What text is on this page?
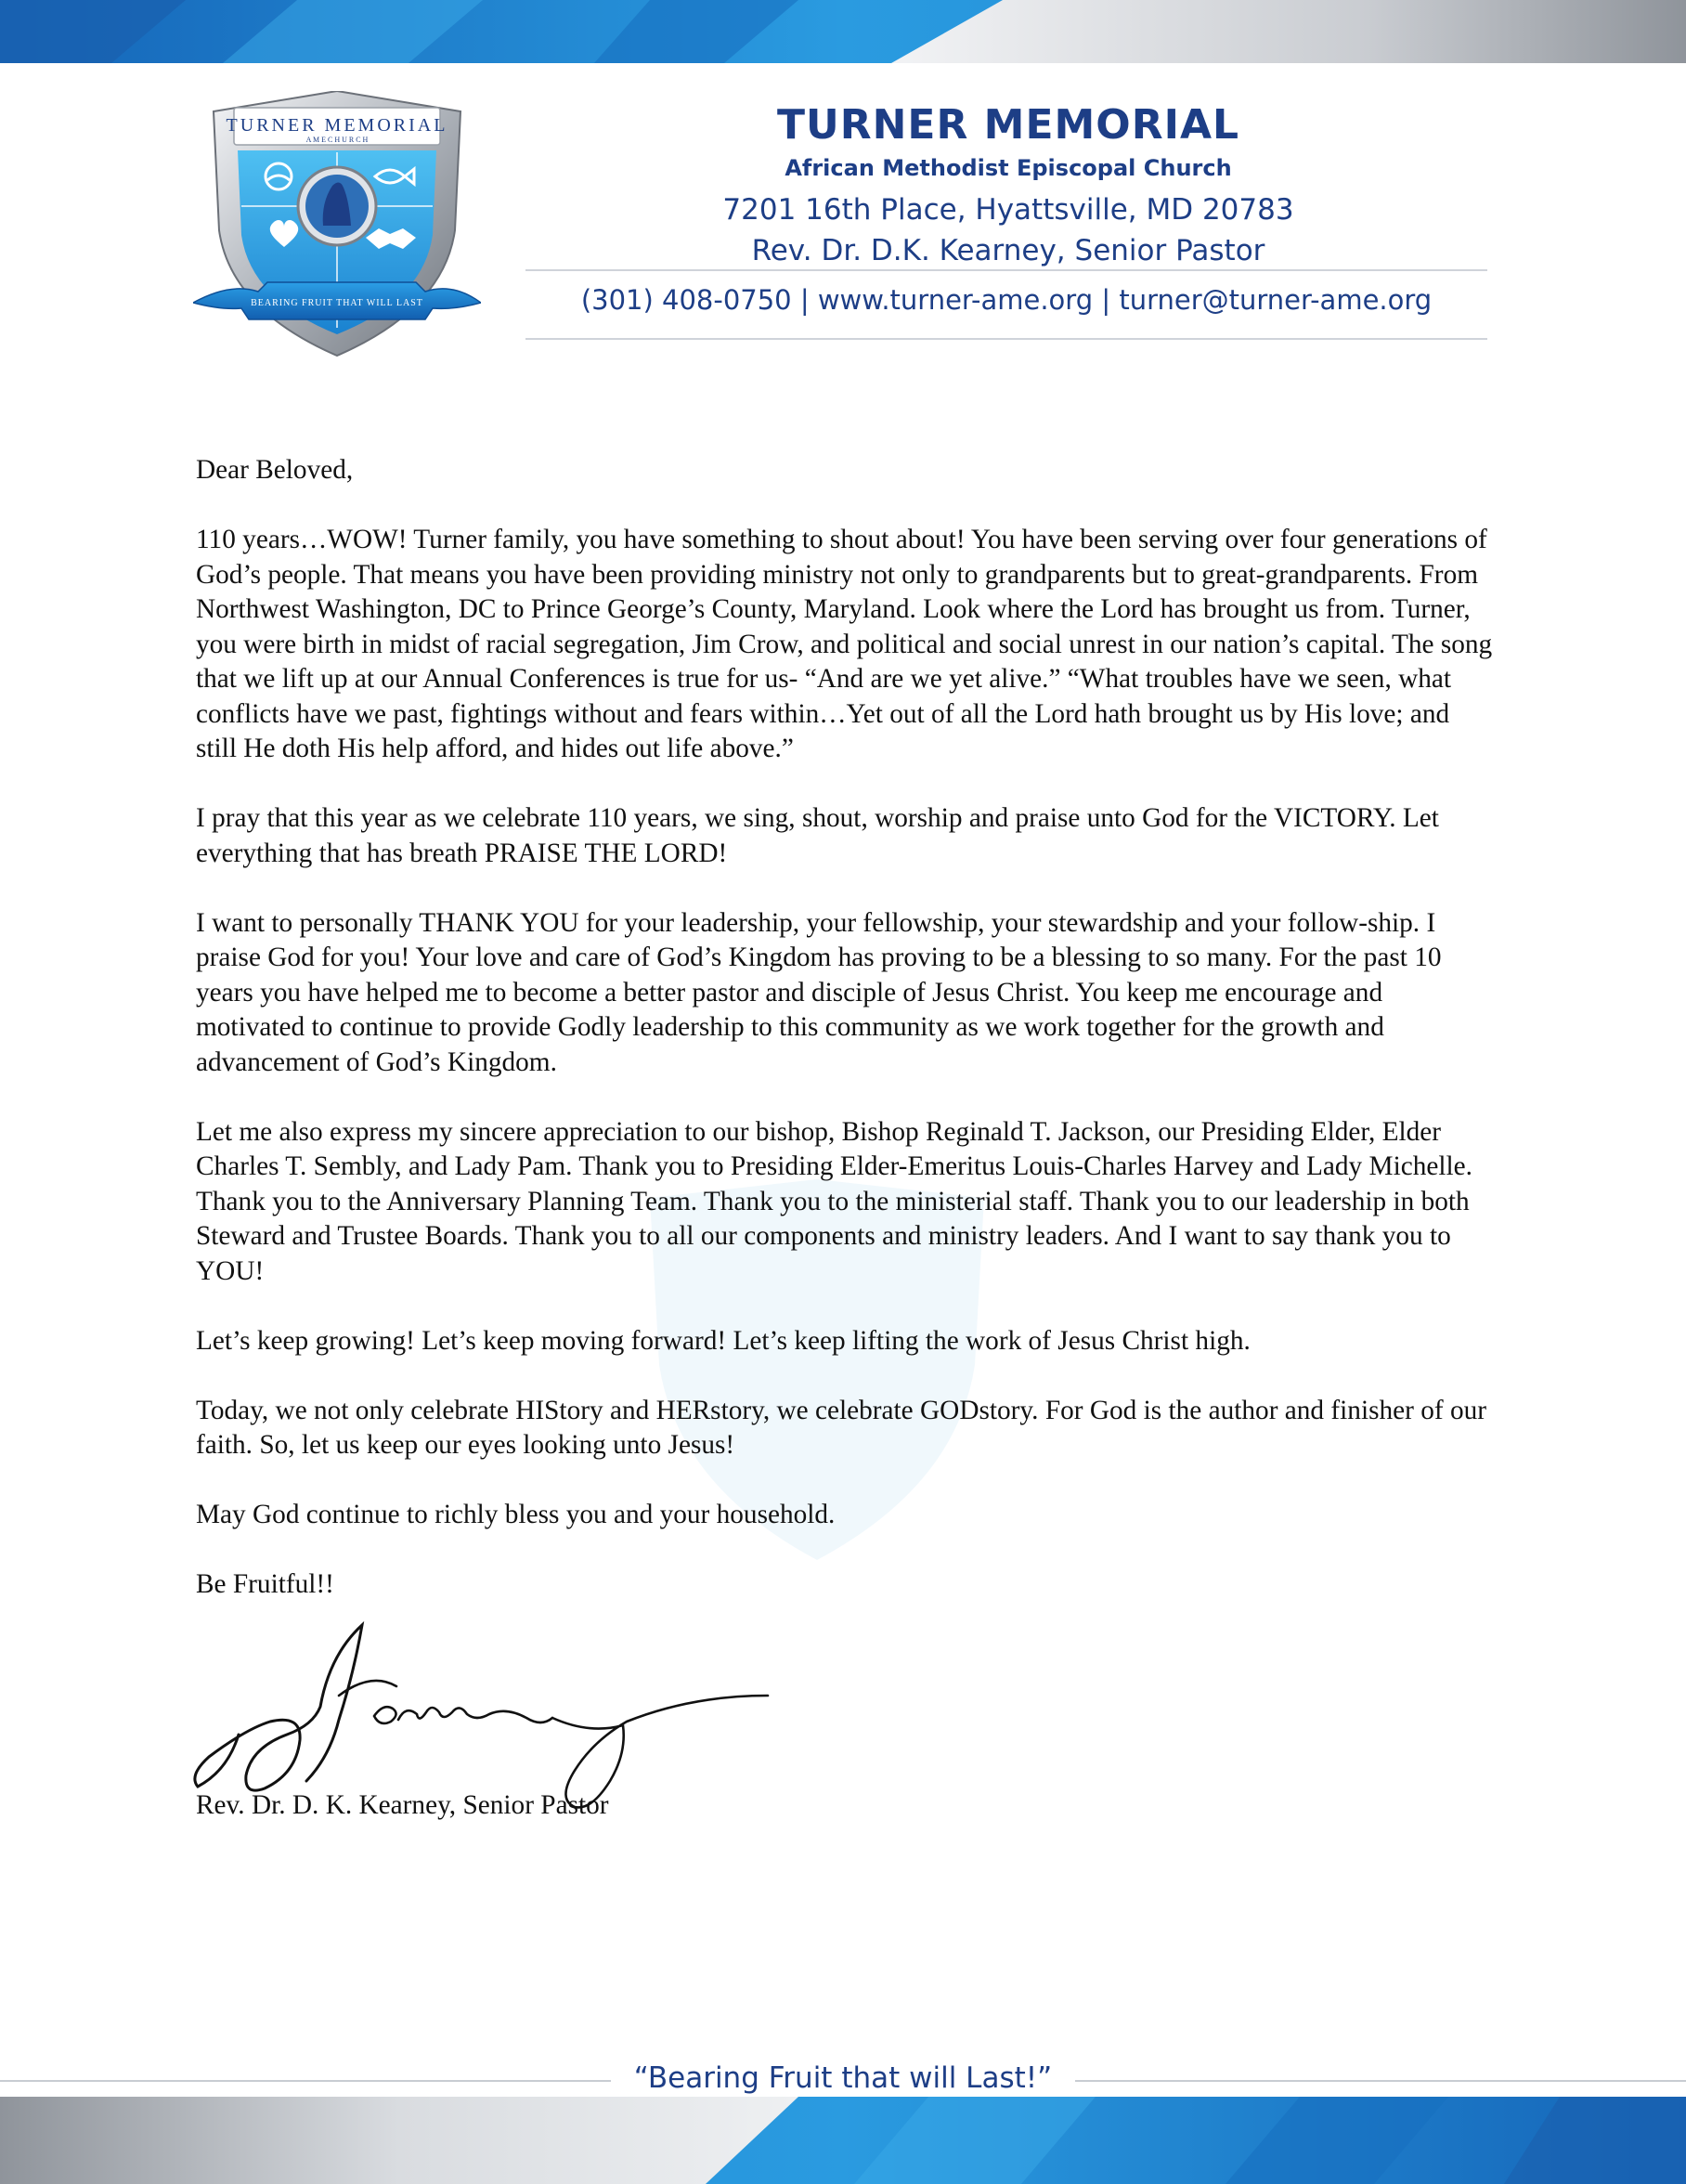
TURNER MEMORIAL
A M E C H U R C H
BEARING FRUIT THAT WILL LAST
TURNER MEMORIAL
African Methodist Episcopal Church
7201 16th Place, Hyattsville, MD 20783
Rev. Dr. D.K. Kearney, Senior Pastor
(301) 408-0750 | www.turner-ame.org | turner@turner-ame.org

Dear Beloved,

110 years…WOW! Turner family, you have something to shout about! You have been serving over four generations of God’s people. That means you have been providing ministry not only to grandparents but to great-grandparents. From Northwest Washington, DC to Prince George’s County, Maryland. Look where the Lord has brought us from. Turner, you were birth in midst of racial segregation, Jim Crow, and political and social unrest in our nation’s capital. The song that we lift up at our Annual Conferences is true for us- “And are we yet alive.” “What troubles have we seen, what conflicts have we past, fightings without and fears within…Yet out of all the Lord hath brought us by His love; and still He doth His help afford, and hides out life above.”

I pray that this year as we celebrate 110 years, we sing, shout, worship and praise unto God for the VICTORY. Let everything that has breath PRAISE THE LORD!

I want to personally THANK YOU for your leadership, your fellowship, your stewardship and your follow-ship. I praise God for you! Your love and care of God’s Kingdom has proving to be a blessing to so many. For the past 10 years you have helped me to become a better pastor and disciple of Jesus Christ. You keep me encourage and motivated to continue to provide Godly leadership to this community as we work together for the growth and advancement of God’s Kingdom.

Let me also express my sincere appreciation to our bishop, Bishop Reginald T. Jackson, our Presiding Elder, Elder Charles T. Sembly, and Lady Pam. Thank you to Presiding Elder-Emeritus Louis-Charles Harvey and Lady Michelle. Thank you to the Anniversary Planning Team. Thank you to the ministerial staff. Thank you to our leadership in both Steward and Trustee Boards. Thank you to all our components and ministry leaders. And I want to say thank you to YOU!

Let’s keep growing! Let’s keep moving forward! Let’s keep lifting the work of Jesus Christ high.

Today, we not only celebrate HIStory and HERstory, we celebrate GODstory. For God is the author and finisher of our faith. So, let us keep our eyes looking unto Jesus!

May God continue to richly bless you and your household.

Be Fruitful!!

Rev. Dr. D. K. Kearney, Senior Pastor
“Bearing Fruit that will Last!”
